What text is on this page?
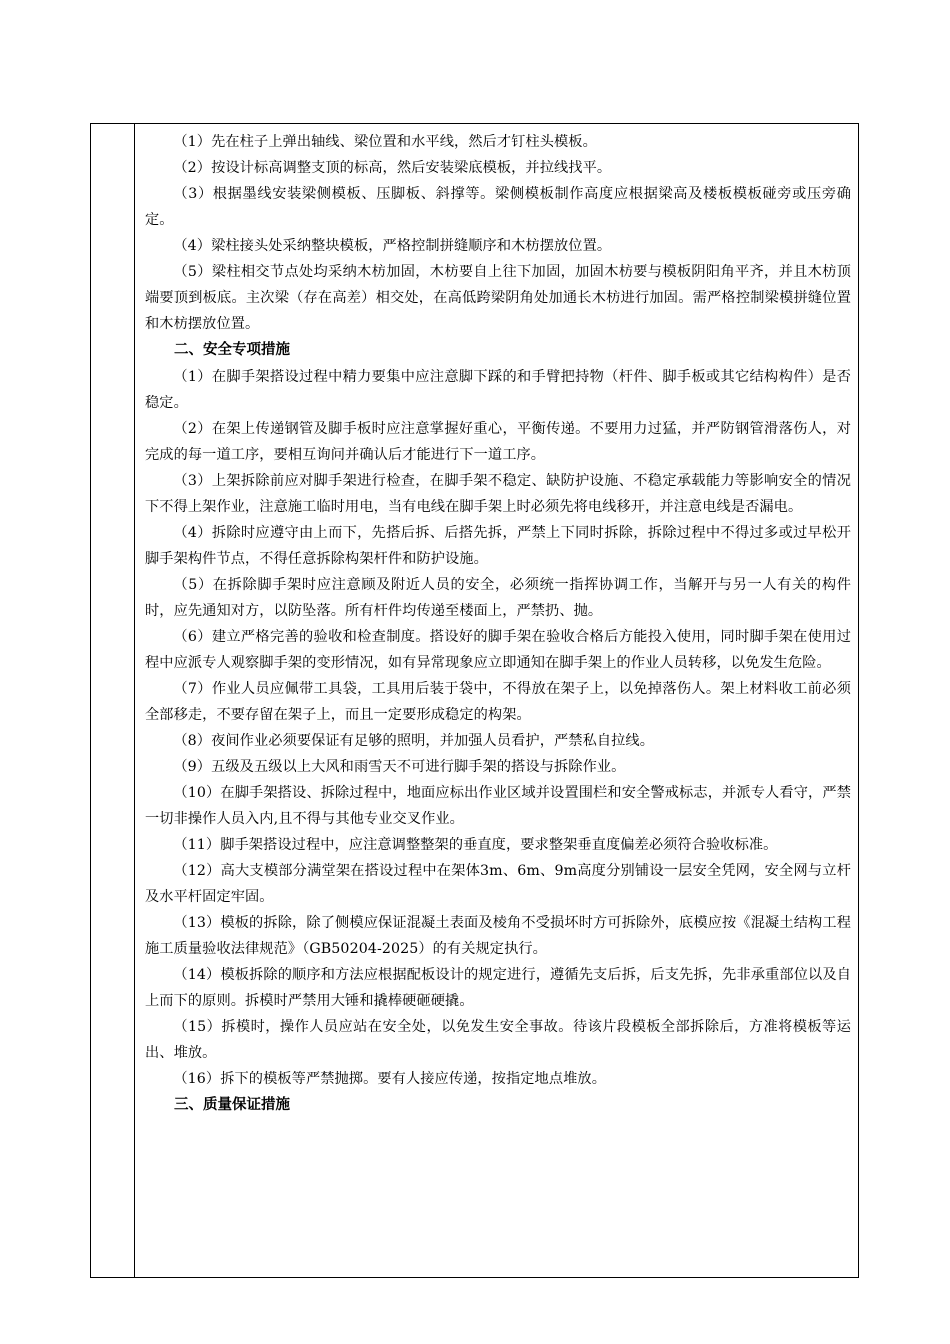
（1）先在柱子上弹出轴线、梁位置和水平线，然后才钉柱头模板。

（2）按设计标高调整支顶的标高，然后安装梁底模板，并拉线找平。

（3）根据墨线安装梁侧模板、压脚板、斜撑等。梁侧模板制作高度应根据梁高及楼板模板碰旁或压旁确定。

（4）梁柱接头处采纳整块模板，严格控制拼缝顺序和木枋摆放位置。

（5）梁柱相交节点处均采纳木枋加固，木枋要自上往下加固，加固木枋要与模板阴阳角平齐，并且木枋顶端要顶到板底。主次梁（存在高差）相交处，在高低跨梁阴角处加通长木枋进行加固。需严格控制梁模拼缝位置和木枋摆放位置。

二、安全专项措施

（1）在脚手架搭设过程中精力要集中应注意脚下踩的和手臂把持物（杆件、脚手板或其它结构构件）是否稳定。

（2）在架上传递钢管及脚手板时应注意掌握好重心，平衡传递。不要用力过猛，并严防钢管滑落伤人，对完成的每一道工序，要相互询问并确认后才能进行下一道工序。

（3）上架拆除前应对脚手架进行检查，在脚手架不稳定、缺防护设施、不稳定承载能力等影响安全的情况下不得上架作业，注意施工临时用电，当有电线在脚手架上时必须先将电线移开，并注意电线是否漏电。

（4）拆除时应遵守由上而下，先搭后拆、后搭先拆，严禁上下同时拆除，拆除过程中不得过多或过早松开脚手架构件节点，不得任意拆除构架杆件和防护设施。

（5）在拆除脚手架时应注意顾及附近人员的安全，必须统一指挥协调工作，当解开与另一人有关的构件时，应先通知对方，以防坠落。所有杆件均传递至楼面上，严禁扔、抛。

（6）建立严格完善的验收和检查制度。搭设好的脚手架在验收合格后方能投入使用，同时脚手架在使用过程中应派专人观察脚手架的变形情况，如有异常现象应立即通知在脚手架上的作业人员转移，以免发生危险。

（7）作业人员应佩带工具袋，工具用后装于袋中，不得放在架子上，以免掉落伤人。架上材料收工前必须全部移走，不要存留在架子上，而且一定要形成稳定的构架。

（8）夜间作业必须要保证有足够的照明，并加强人员看护，严禁私自拉线。

（9）五级及五级以上大风和雨雪天不可进行脚手架的搭设与拆除作业。

（10）在脚手架搭设、拆除过程中，地面应标出作业区域并设置围栏和安全警戒标志，并派专人看守，严禁一切非操作人员入内,且不得与其他专业交叉作业。

（11）脚手架搭设过程中，应注意调整整架的垂直度，要求整架垂直度偏差必须符合验收标准。

（12）高大支模部分满堂架在搭设过程中在架体3m、6m、9m高度分别铺设一层安全凭网，安全网与立杆及水平杆固定牢固。

（13）模板的拆除，除了侧模应保证混凝土表面及棱角不受损坏时方可拆除外，底模应按《混凝土结构工程施工质量验收法律规范》（GB50204-2025）的有关规定执行。

（14）模板拆除的顺序和方法应根据配板设计的规定进行，遵循先支后拆，后支先拆，先非承重部位以及自上而下的原则。拆模时严禁用大锤和撬棒硬砸硬撬。

（15）拆模时，操作人员应站在安全处，以免发生安全事故。待该片段模板全部拆除后，方准将模板等运出、堆放。

（16）拆下的模板等严禁抛掷。要有人接应传递，按指定地点堆放。

三、质量保证措施
